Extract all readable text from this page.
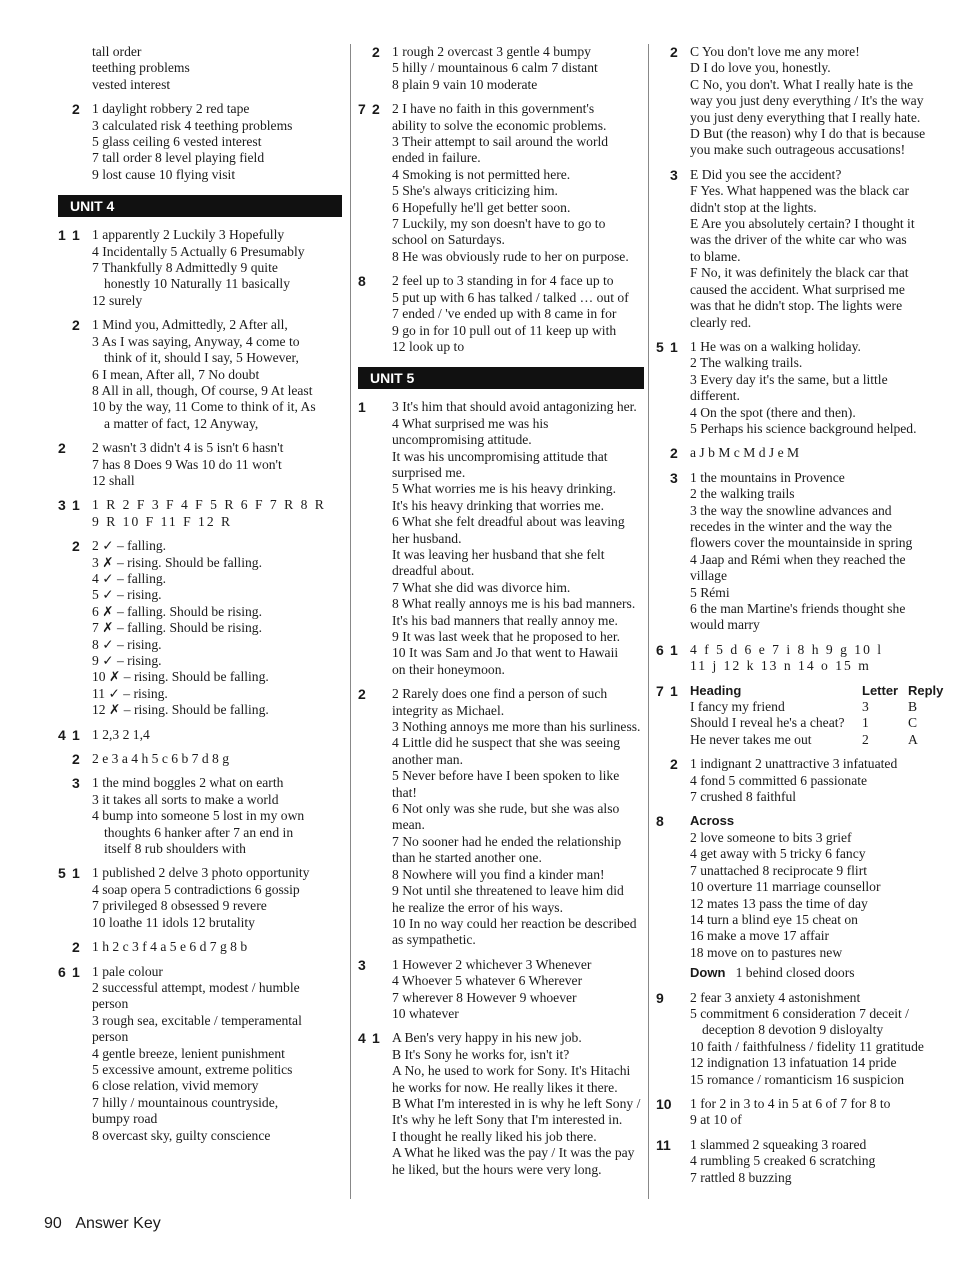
tall order
teething problems
vested interest
2 1 daylight robbery 2 red tape
3 calculated risk 4 teething problems
5 glass ceiling 6 vested interest
7 tall order 8 level playing field
9 lost cause 10 flying visit
UNIT 4
1 1 1 apparently 2 Luckily 3 Hopefully
4 Incidentally 5 Actually 6 Presumably
7 Thankfully 8 Admittedly 9 quite
honestly 10 Naturally 11 basically
12 surely
2 1 Mind you, Admittedly, 2 After all,
3 As I was saying, Anyway, 4 come to
think of it, should I say, 5 However,
6 I mean, After all, 7 No doubt
8 All in all, though, Of course, 9 At least
10 by the way, 11 Come to think of it, As
a matter of fact, 12 Anyway,
2 2 wasn't 3 didn't 4 is 5 isn't 6 hasn't
7 has 8 Does 9 Was 10 do 11 won't
12 shall
3 1 1 R 2 F 3 F 4 F 5 R 6 F 7 R 8 R
9 R 10 F 11 F 12 R
2 2 ✓ – falling.
3 ✗ – rising. Should be falling.
4 ✓ – falling.
5 ✓ – rising.
6 ✗ – falling. Should be rising.
7 ✗ – falling. Should be rising.
8 ✓ – rising.
9 ✓ – rising.
10 ✗ – rising. Should be falling.
11 ✓ – rising.
12 ✗ – rising. Should be falling.
4 1 1 2,3 2 1,4
2 2 e 3 a 4 h 5 c 6 b 7 d 8 g
3 1 the mind boggles 2 what on earth
3 it takes all sorts to make a world
4 bump into someone 5 lost in my own
thoughts 6 hanker after 7 an end in
itself 8 rub shoulders with
5 1 1 published 2 delve 3 photo opportunity
4 soap opera 5 contradictions 6 gossip
7 privileged 8 obsessed 9 revere
10 loathe 11 idols 12 brutality
2 1 h 2 c 3 f 4 a 5 e 6 d 7 g 8 b
6 1 1 pale colour
2 successful attempt, modest / humble
person
3 rough sea, excitable / temperamental
person
4 gentle breeze, lenient punishment
5 excessive amount, extreme politics
6 close relation, vivid memory
7 hilly / mountainous countryside,
bumpy road
8 overcast sky, guilty conscience
2 1 rough 2 overcast 3 gentle 4 bumpy
5 hilly / mountainous 6 calm 7 distant
8 plain 9 vain 10 moderate
7 2 2 I have no faith in this government's
ability to solve the economic problems.
3 Their attempt to sail around the world
ended in failure.
4 Smoking is not permitted here.
5 She's always criticizing him.
6 Hopefully he'll get better soon.
7 Luckily, my son doesn't have to go to
school on Saturdays.
8 He was obviously rude to her on purpose.
8 2 feel up to 3 standing in for 4 face up to
5 put up with 6 has talked / talked … out of
7 ended / 've ended up with 8 came in for
9 go in for 10 pull out of 11 keep up with
12 look up to
UNIT 5
1 3 It's him that should avoid antagonizing her.
4 What surprised me was his
uncompromising attitude.
It was his uncompromising attitude that
surprised me.
5 What worries me is his heavy drinking.
It's his heavy drinking that worries me.
6 What she felt dreadful about was leaving
her husband.
It was leaving her husband that she felt
dreadful about.
7 What she did was divorce him.
8 What really annoys me is his bad manners.
It's his bad manners that really annoy me.
9 It was last week that he proposed to her.
10 It was Sam and Jo that went to Hawaii
on their honeymoon.
2 2 Rarely does one find a person of such
integrity as Michael.
3 Nothing annoys me more than his surliness.
4 Little did he suspect that she was seeing
another man.
5 Never before have I been spoken to like that!
6 Not only was she rude, but she was also
mean.
7 No sooner had he ended the relationship
than he started another one.
8 Nowhere will you find a kinder man!
9 Not until she threatened to leave him did
he realize the error of his ways.
10 In no way could her reaction be described
as sympathetic.
3 1 However 2 whichever 3 Whenever
4 Whoever 5 whatever 6 Wherever
7 wherever 8 However 9 whoever
10 whatever
4 1 A Ben's very happy in his new job.
B It's Sony he works for, isn't it?
A No, he used to work for Sony. It's Hitachi
he works for now. He really likes it there.
B What I'm interested in is why he left Sony /
It's why he left Sony that I'm interested in.
I thought he really liked his job there.
A What he liked was the pay / It was the pay
he liked, but the hours were very long.
2 C You don't love me any more!
D I do love you, honestly.
C No, you don't. What I really hate is the
way you just deny everything / It's the way
you just deny everything that I really hate.
D But (the reason) why I do that is because
you make such outrageous accusations!
3 E Did you see the accident?
F Yes. What happened was the black car
didn't stop at the lights.
E Are you absolutely certain? I thought it
was the driver of the white car who was
to blame.
F No, it was definitely the black car that
caused the accident. What surprised me
was that he didn't stop. The lights were
clearly red.
5 1 1 He was on a walking holiday.
2 The walking trails.
3 Every day it's the same, but a little
different.
4 On the spot (there and then).
5 Perhaps his science background helped.
2 a J b M c M d J e M
3 1 the mountains in Provence
2 the walking trails
3 the way the snowline advances and
recedes in the winter and the way the
flowers cover the mountainside in spring
4 Jaap and Rémi when they reached the
village
5 Rémi
6 the man Martine's friends thought she
would marry
6 1 4 f 5 d 6 e 7 i 8 h 9 g 10 l
11 j 12 k 13 n 14 o 15 m
7 1 Heading	Letter	Reply
I fancy my friend	3	B
Should I reveal he's a cheat?	1	C
He never takes me out	2	A
2 1 indignant 2 unattractive 3 infatuated
4 fond 5 committed 6 passionate
7 crushed 8 faithful
8 Across
2 love someone to bits 3 grief
4 get away with 5 tricky 6 fancy
7 unattached 8 reciprocate 9 flirt
10 overture 11 marriage counsellor
12 mates 13 pass the time of day
14 turn a blind eye 15 cheat on
16 make a move 17 affair
18 move on to pastures new
Down 1 behind closed doors
9 2 fear 3 anxiety 4 astonishment
5 commitment 6 consideration 7 deceit /
deception 8 devotion 9 disloyalty
10 faith / faithfulness / fidelity 11 gratitude
12 indignation 13 infatuation 14 pride
15 romance / romanticism 16 suspicion
10 1 for 2 in 3 to 4 in 5 at 6 of 7 for 8 to
9 at 10 of
11 1 slammed 2 squeaking 3 roared
4 rumbling 5 creaked 6 scratching
7 rattled 8 buzzing
90 Answer Key
